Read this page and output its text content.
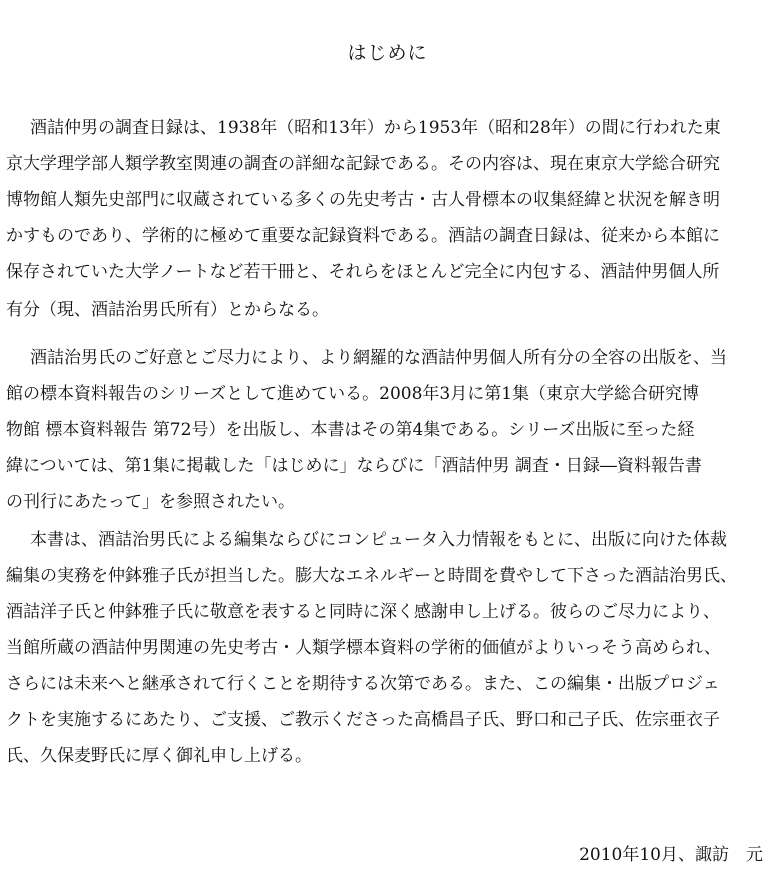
はじめに
酒詰仲男の調査日録は、1938年（昭和13年）から1953年（昭和28年）の間に行われた東
京大学理学部人類学教室関連の調査の詳細な記録である。その内容は、現在東京大学総合研究
博物館人類先史部門に収蔵されている多くの先史考古・古人骨標本の収集経緯と状況を解き明
かすものであり、学術的に極めて重要な記録資料である。酒詰の調査日録は、従来から本館に
保存されていた大学ノートなど若干冊と、それらをほとんど完全に内包する、酒詰仲男個人所
有分（現、酒詰治男氏所有）とからなる。
酒詰治男氏のご好意とご尽力により、より網羅的な酒詰仲男個人所有分の全容の出版を、当
館の標本資料報告のシリーズとして進めている。2008年3月に第1集（東京大学総合研究博
物館 標本資料報告 第72号）を出版し、本書はその第4集である。シリーズ出版に至った経
緯については、第1集に掲載した「はじめに」ならびに「酒詰仲男 調査・日録―資料報告書
の刊行にあたって」を参照されたい。
本書は、酒詰治男氏による編集ならびにコンピュータ入力情報をもとに、出版に向けた体裁
編集の実務を仲鉢雅子氏が担当した。膨大なエネルギーと時間を費やして下さった酒詰治男氏、
酒詰洋子氏と仲鉢雅子氏に敬意を表すると同時に深く感謝申し上げる。彼らのご尽力により、
当館所蔵の酒詰仲男関連の先史考古・人類学標本資料の学術的価値がよりいっそう高められ、
さらには未来へと継承されて行くことを期待する次第である。また、この編集・出版プロジェ
クトを実施するにあたり、ご支援、ご教示くださった高橋昌子氏、野口和己子氏、佐宗亜衣子
氏、久保麦野氏に厚く御礼申し上げる。
2010年10月、諏訪　元
